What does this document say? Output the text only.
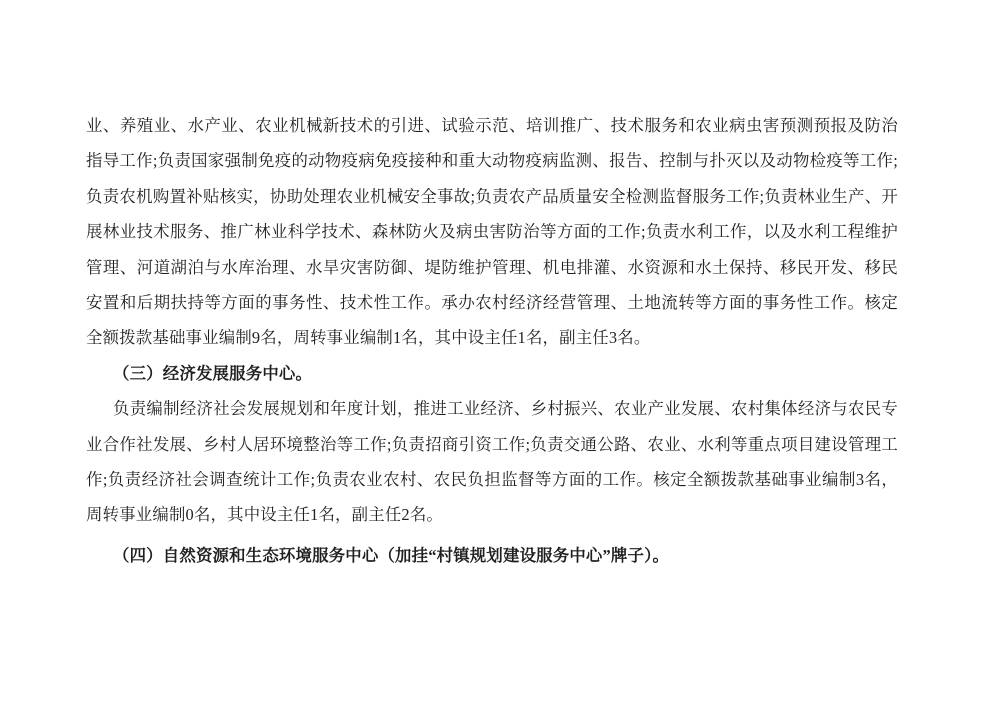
业、养殖业、水产业、农业机械新技术的引进、试验示范、培训推广、技术服务和农业病虫害预测预报及防治指导工作;负责国家强制免疫的动物疫病免疫接种和重大动物疫病监测、报告、控制与扑灭以及动物检疫等工作;负责农机购置补贴核实，协助处理农业机械安全事故;负责农产品质量安全检测监督服务工作;负责林业生产、开展林业技术服务、推广林业科学技术、森林防火及病虫害防治等方面的工作;负责水利工作，以及水利工程维护管理、河道湖泊与水库治理、水旱灾害防御、堤防维护管理、机电排灌、水资源和水土保持、移民开发、移民安置和后期扶持等方面的事务性、技术性工作。承办农村经济经营管理、土地流转等方面的事务性工作。核定全额拨款基础事业编制9名，周转事业编制1名，其中设主任1名，副主任3名。

（三）经济发展服务中心。

负责编制经济社会发展规划和年度计划，推进工业经济、乡村振兴、农业产业发展、农村集体经济与农民专业合作社发展、乡村人居环境整治等工作;负责招商引资工作;负责交通公路、农业、水利等重点项目建设管理工作;负责经济社会调查统计工作;负责农业农村、农民负担监督等方面的工作。核定全额拨款基础事业编制3名，周转事业编制0名，其中设主任1名，副主任2名。

（四）自然资源和生态环境服务中心（加挂“村镇规划建设服务中心”牌子）。
